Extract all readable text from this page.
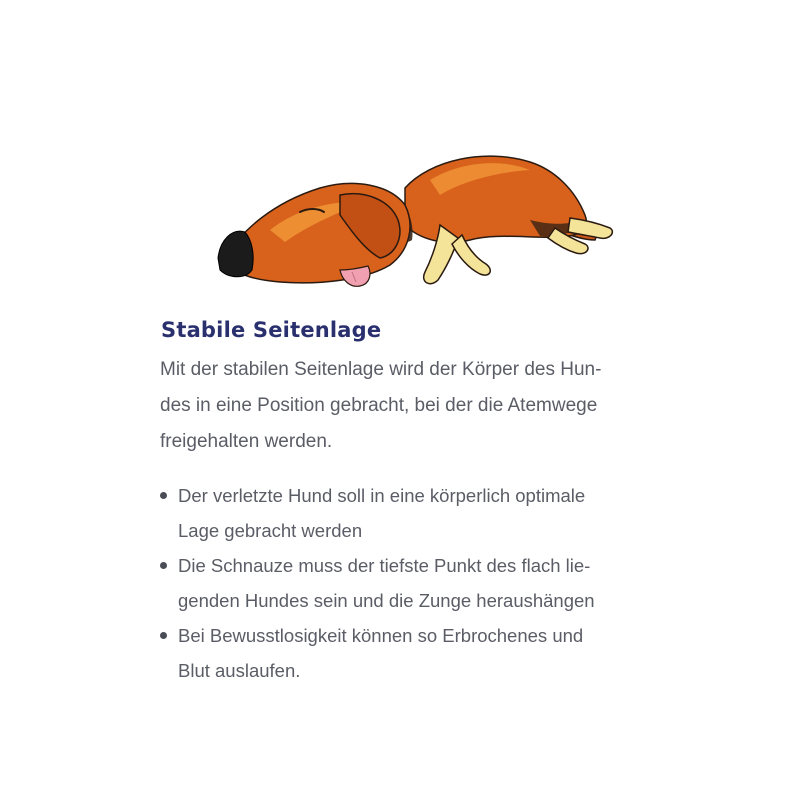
Stabile Seitenlage
Mit der stabilen Seitenlage wird der Körper des Hun-
des in eine Position gebracht, bei der die Atemwege
freigehalten werden.
Der verletzte Hund soll in eine körperlich optimale
Lage gebracht werden
Die Schnauze muss der tiefste Punkt des flach lie-
genden Hundes sein und die Zunge heraushängen
Bei Bewusstlosigkeit können so Erbrochenes und
Blut auslaufen.
